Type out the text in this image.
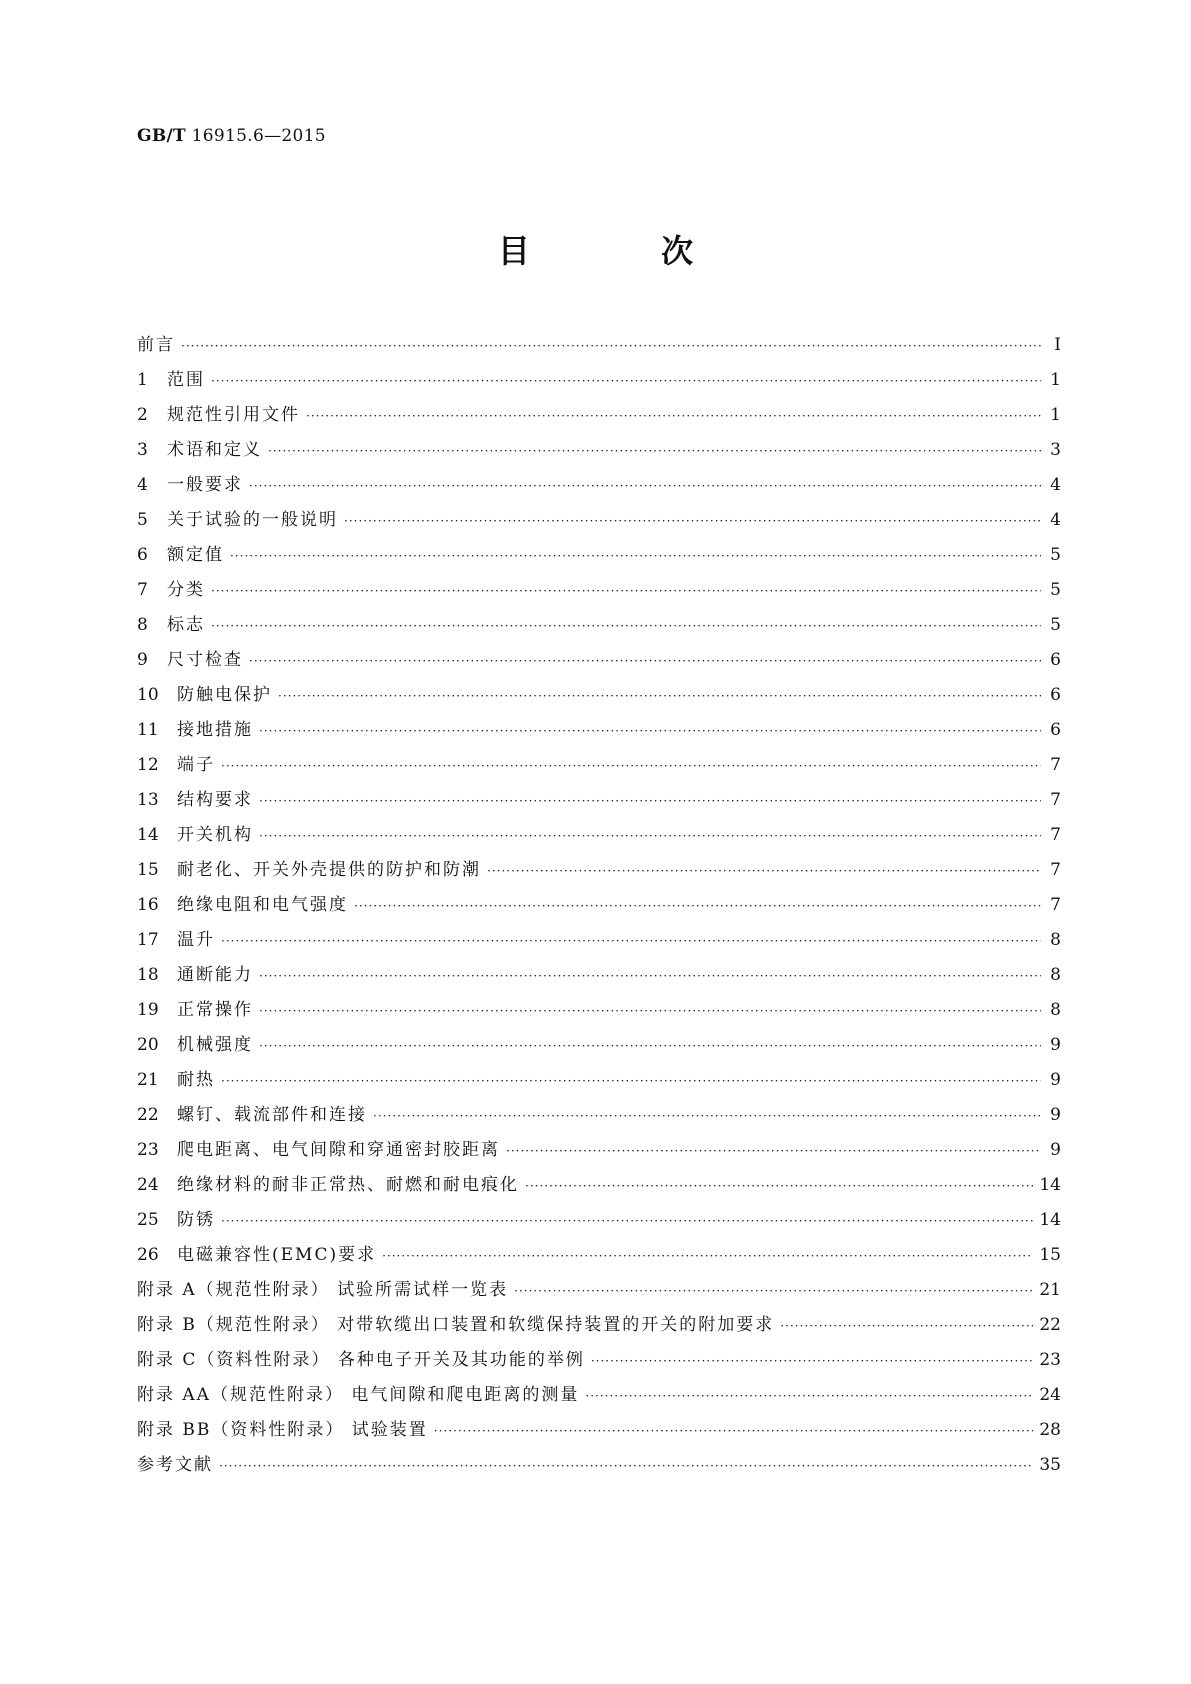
GB/T 16915.6—2015
目 次
前言 ·····	Ⅰ
1	范围 ·····	1
2	规范性引用文件 ·····	1
3	术语和定义 ·····	3
4	一般要求 ·····	4
5	关于试验的一般说明 ·····	4
6	额定值 ·····	5
7	分类 ·····	5
8	标志 ·····	5
9	尺寸检查 ·····	6
10	防触电保护 ·····	6
11	接地措施 ·····	6
12	端子 ·····	7
13	结构要求 ·····	7
14	开关机构 ·····	7
15	耐老化、开关外壳提供的防护和防潮 ·····	7
16	绝缘电阻和电气强度 ·····	7
17	温升 ·····	8
18	通断能力 ·····	8
19	正常操作 ·····	8
20	机械强度 ·····	9
21	耐热 ·····	9
22	螺钉、载流部件和连接 ·····	9
23	爬电距离、电气间隙和穿通密封胶距离 ·····	9
24	绝缘材料的耐非正常热、耐燃和耐电痕化 ·····	14
25	防锈 ·····	14
26	电磁兼容性(EMC)要求 ·····	15
附录 A（规范性附录） 试验所需试样一览表 ·····	21
附录 B（规范性附录） 对带软缆出口装置和软缆保持装置的开关的附加要求 ·····	22
附录 C（资料性附录） 各种电子开关及其功能的举例 ·····	23
附录 AA（规范性附录） 电气间隙和爬电距离的测量 ·····	24
附录 BB（资料性附录） 试验装置 ·····	28
参考文献 ·····	35
